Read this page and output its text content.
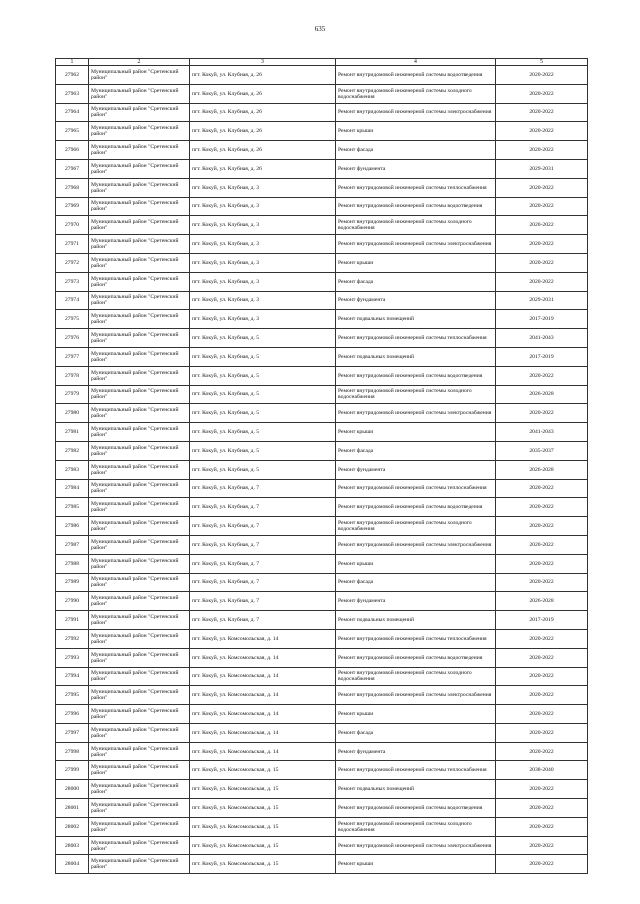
635
1	2	3	4	5
27962	Муниципальный район "Сретенский район"	пгт. Кокуй, ул. Клубная, д. 26	Ремонт внутридомовой инженерной системы водоотведения	2020-2022
27963	Муниципальный район "Сретенский район"	пгт. Кокуй, ул. Клубная, д. 26	Ремонт внутридомовой инженерной системы холодного водоснабжения	2020-2022
27964	Муниципальный район "Сретенский район"	пгт. Кокуй, ул. Клубная, д. 26	Ремонт внутридомовой инженерной системы электроснабжения	2020-2022
27965	Муниципальный район "Сретенский район"	пгт. Кокуй, ул. Клубная, д. 26	Ремонт крыши	2020-2022
27966	Муниципальный район "Сретенский район"	пгт. Кокуй, ул. Клубная, д. 26	Ремонт фасада	2020-2022
27967	Муниципальный район "Сретенский район"	пгт. Кокуй, ул. Клубная, д. 26	Ремонт фундамента	2029-2031
27968	Муниципальный район "Сретенский район"	пгт. Кокуй, ул. Клубная, д. 3	Ремонт внутридомовой инженерной системы теплоснабжения	2020-2022
27969	Муниципальный район "Сретенский район"	пгт. Кокуй, ул. Клубная, д. 3	Ремонт внутридомовой инженерной системы водоотведения	2020-2022
27970	Муниципальный район "Сретенский район"	пгт. Кокуй, ул. Клубная, д. 3	Ремонт внутридомовой инженерной системы холодного водоснабжения	2020-2022
27971	Муниципальный район "Сретенский район"	пгт. Кокуй, ул. Клубная, д. 3	Ремонт внутридомовой инженерной системы электроснабжения	2020-2022
27972	Муниципальный район "Сретенский район"	пгт. Кокуй, ул. Клубная, д. 3	Ремонт крыши	2020-2022
27973	Муниципальный район "Сретенский район"	пгт. Кокуй, ул. Клубная, д. 3	Ремонт фасада	2020-2022
27974	Муниципальный район "Сретенский район"	пгт. Кокуй, ул. Клубная, д. 3	Ремонт фундамента	2029-2031
27975	Муниципальный район "Сретенский район"	пгт. Кокуй, ул. Клубная, д. 3	Ремонт подвальных помещений	2017-2019
27976	Муниципальный район "Сретенский район"	пгт. Кокуй, ул. Клубная, д. 5	Ремонт внутридомовой инженерной системы теплоснабжения	2041-2043
27977	Муниципальный район "Сретенский район"	пгт. Кокуй, ул. Клубная, д. 5	Ремонт подвальных помещений	2017-2019
27978	Муниципальный район "Сретенский район"	пгт. Кокуй, ул. Клубная, д. 5	Ремонт внутридомовой инженерной системы водоотведения	2020-2022
27979	Муниципальный район "Сретенский район"	пгт. Кокуй, ул. Клубная, д. 5	Ремонт внутридомовой инженерной системы холодного водоснабжения	2026-2028
27980	Муниципальный район "Сретенский район"	пгт. Кокуй, ул. Клубная, д. 5	Ремонт внутридомовой инженерной системы электроснабжения	2020-2022
27981	Муниципальный район "Сретенский район"	пгт. Кокуй, ул. Клубная, д. 5	Ремонт крыши	2041-2043
27982	Муниципальный район "Сретенский район"	пгт. Кокуй, ул. Клубная, д. 5	Ремонт фасада	2035-2037
27983	Муниципальный район "Сретенский район"	пгт. Кокуй, ул. Клубная, д. 5	Ремонт фундамента	2026-2028
27984	Муниципальный район "Сретенский район"	пгт. Кокуй, ул. Клубная, д. 7	Ремонт внутридомовой инженерной системы теплоснабжения	2020-2022
27985	Муниципальный район "Сретенский район"	пгт. Кокуй, ул. Клубная, д. 7	Ремонт внутридомовой инженерной системы водоотведения	2020-2022
27986	Муниципальный район "Сретенский район"	пгт. Кокуй, ул. Клубная, д. 7	Ремонт внутридомовой инженерной системы холодного водоснабжения	2020-2022
27987	Муниципальный район "Сретенский район"	пгт. Кокуй, ул. Клубная, д. 7	Ремонт внутридомовой инженерной системы электроснабжения	2020-2022
27988	Муниципальный район "Сретенский район"	пгт. Кокуй, ул. Клубная, д. 7	Ремонт крыши	2020-2022
27989	Муниципальный район "Сретенский район"	пгт. Кокуй, ул. Клубная, д. 7	Ремонт фасада	2020-2022
27990	Муниципальный район "Сретенский район"	пгт. Кокуй, ул. Клубная, д. 7	Ремонт фундамента	2026-2028
27991	Муниципальный район "Сретенский район"	пгт. Кокуй, ул. Клубная, д. 7	Ремонт подвальных помещений	2017-2019
27992	Муниципальный район "Сретенский район"	пгт. Кокуй, ул. Комсомольская, д. 14	Ремонт внутридомовой инженерной системы теплоснабжения	2020-2022
27993	Муниципальный район "Сретенский район"	пгт. Кокуй, ул. Комсомольская, д. 14	Ремонт внутридомовой инженерной системы водоотведения	2020-2022
27994	Муниципальный район "Сретенский район"	пгт. Кокуй, ул. Комсомольская, д. 14	Ремонт внутридомовой инженерной системы холодного водоснабжения	2020-2022
27995	Муниципальный район "Сретенский район"	пгт. Кокуй, ул. Комсомольская, д. 14	Ремонт внутридомовой инженерной системы электроснабжения	2020-2022
27996	Муниципальный район "Сретенский район"	пгт. Кокуй, ул. Комсомольская, д. 14	Ремонт крыши	2020-2022
27997	Муниципальный район "Сретенский район"	пгт. Кокуй, ул. Комсомольская, д. 14	Ремонт фасада	2020-2022
27998	Муниципальный район "Сретенский район"	пгт. Кокуй, ул. Комсомольская, д. 14	Ремонт фундамента	2020-2022
27999	Муниципальный район "Сретенский район"	пгт. Кокуй, ул. Комсомольская, д. 15	Ремонт внутридомовой инженерной системы теплоснабжения	2038-2040
28000	Муниципальный район "Сретенский район"	пгт. Кокуй, ул. Комсомольская, д. 15	Ремонт подвальных помещений	2020-2022
28001	Муниципальный район "Сретенский район"	пгт. Кокуй, ул. Комсомольская, д. 15	Ремонт внутридомовой инженерной системы водоотведения	2020-2022
28002	Муниципальный район "Сретенский район"	пгт. Кокуй, ул. Комсомольская, д. 15	Ремонт внутридомовой инженерной системы холодного водоснабжения	2020-2022
28003	Муниципальный район "Сретенский район"	пгт. Кокуй, ул. Комсомольская, д. 15	Ремонт внутридомовой инженерной системы электроснабжения	2020-2022
28004	Муниципальный район "Сретенский район"	пгт. Кокуй, ул. Комсомольская, д. 15	Ремонт крыши	2020-2022
